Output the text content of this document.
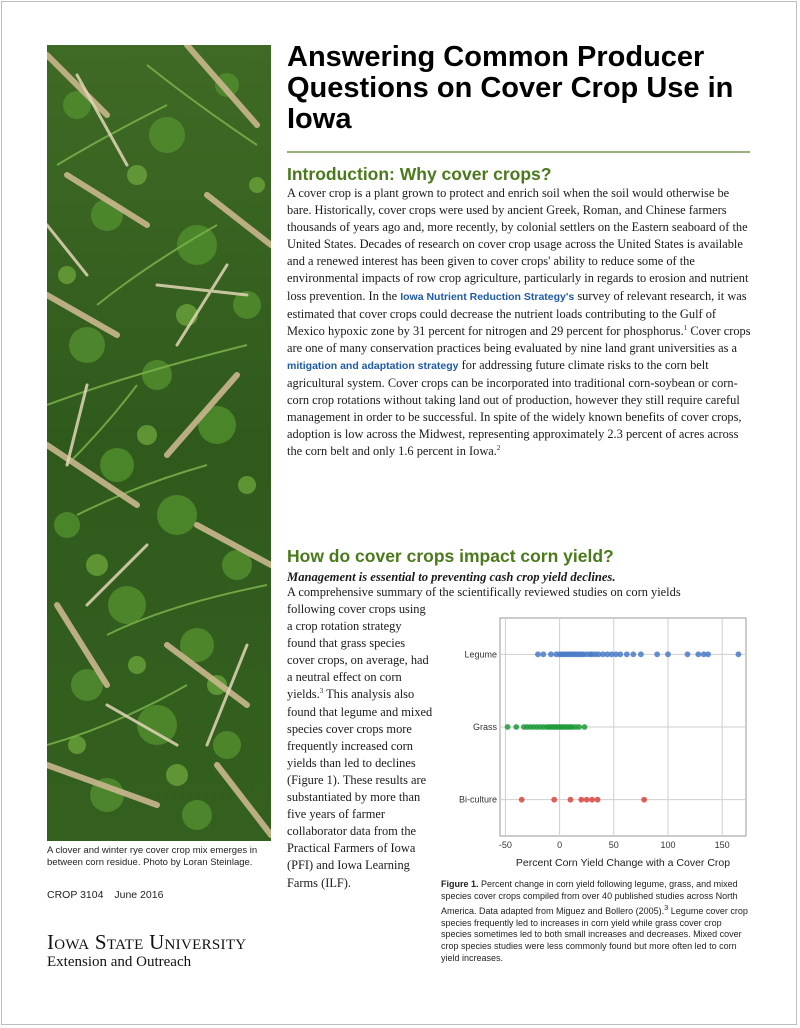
A clover and winter rye cover crop mix emerges in between corn residue. Photo by Loran Steinlage.
CROP 3104 June 2016
Iowa State University
Extension and Outreach
Answering Common Producer Questions on Cover Crop Use in Iowa
Introduction: Why cover crops?

A cover crop is a plant grown to protect and enrich soil when the soil would otherwise be bare. Historically, cover crops were used by ancient Greek, Roman, and Chinese farmers thousands of years ago and, more recently, by colonial settlers on the Eastern seaboard of the United States. Decades of research on cover crop usage across the United States is available and a renewed interest has been given to cover crops' ability to reduce some of the environmental impacts of row crop agriculture, particularly in regards to erosion and nutrient loss prevention. In the Iowa Nutrient Reduction Strategy's survey of relevant research, it was estimated that cover crops could decrease the nutrient loads contributing to the Gulf of Mexico hypoxic zone by 31 percent for nitrogen and 29 percent for phosphorus.$^1$ Cover crops are one of many conservation practices being evaluated by nine land grant universities as a mitigation and adaptation strategy for addressing future climate risks to the corn belt agricultural system. Cover crops can be incorporated into traditional corn-soybean or corn-corn crop rotations without taking land out of production, however they still require careful management in order to be successful. In spite of the widely known benefits of cover crops, adoption is low across the Midwest, representing approximately 2.3 percent of acres across the corn belt and only 1.6 percent in Iowa.$^2$

How do cover crops impact corn yield?
Management is essential to preventing cash crop yield declines.

A comprehensive summary of the scientifically reviewed studies on corn yields

following cover crops using a crop rotation strategy found that grass species cover crops, on average, had a neutral effect on corn yields.$^3$ This analysis also found that legume and mixed species cover crops more frequently increased corn yields than led to declines (Figure 1). These results are substantiated by more than five years of farmer collaborator data from the Practical Farmers of Iowa (PFI) and Iowa Learning Farms (ILF).

-50	0	50	100	150
Legume
Grass
Bi-culture
Percent Corn Yield Change with a Cover Crop

Figure 1. Percent change in corn yield following legume, grass, and mixed species cover crops compiled from over 40 published studies across North America. Data adapted from Miguez and Bollero (2005).$^3$ Legume cover crop species frequently led to increases in corn yield while grass cover crop species sometimes led to both small increases and decreases. Mixed cover crop species studies were less commonly found but more often led to corn yield increases.
